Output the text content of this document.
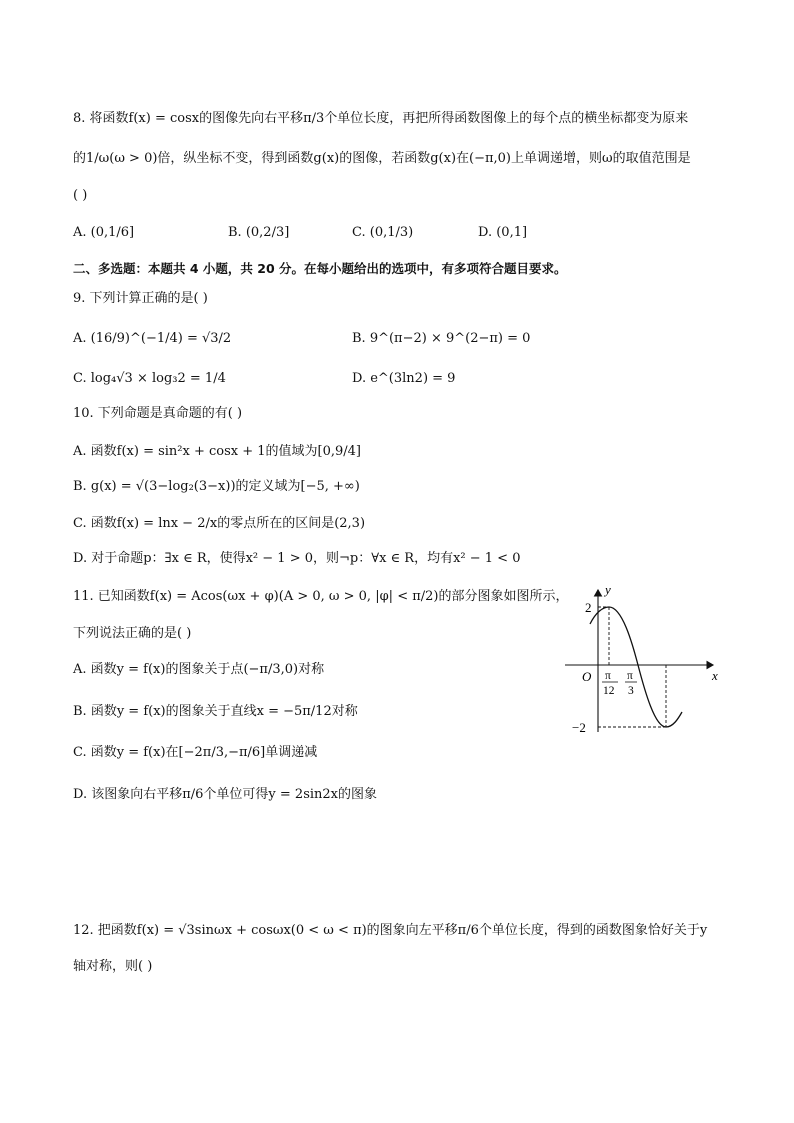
8. 将函数f(x) = cosx的图像先向右平移π/3个单位长度，再把所得函数图像上的每个点的横坐标都变为原来
的1/ω(ω > 0)倍，纵坐标不变，得到函数g(x)的图像，若函数g(x)在(−π,0)上单调递增，则ω的取值范围是
( )
A. (0,1/6]	B. (0,2/3]	C. (0,1/3)	D. (0,1]
二、多选题：本题共 4 小题，共 20 分。在每小题给出的选项中，有多项符合题目要求。
9. 下列计算正确的是( )
A. (16/9)^(−1/4) = √3/2	B. 9^(π−2) × 9^(2−π) = 0
C. log₄√3 × log₃2 = 1/4	D. e^(3ln2) = 9
10. 下列命题是真命题的有( )
A. 函数f(x) = sin²x + cosx + 1的值域为[0,9/4]
B. g(x) = √(3−log₂(3−x))的定义域为[−5, +∞)
C. 函数f(x) = lnx − 2/x的零点所在的区间是(2,3)
D. 对于命题p：∃x ∈ R，使得x² − 1 > 0，则¬p：∀x ∈ R，均有x² − 1 < 0
11. 已知函数f(x) = Acos(ωx + φ)(A > 0, ω > 0, |φ| < π/2)的部分图象如图所示，
下列说法正确的是( )
A. 函数y = f(x)的图象关于点(−π/3,0)对称
B. 函数y = f(x)的图象关于直线x = −5π/12对称
C. 函数y = f(x)在[−2π/3,−π/6]单调递减
D. 该图象向右平移π/6个单位可得y = 2sin2x的图象
y
x
O
2
−2
π
12
π
3
12. 把函数f(x) = √3sinωx + cosωx(0 < ω < π)的图象向左平移π/6个单位长度，得到的函数图象恰好关于y
轴对称，则( )
